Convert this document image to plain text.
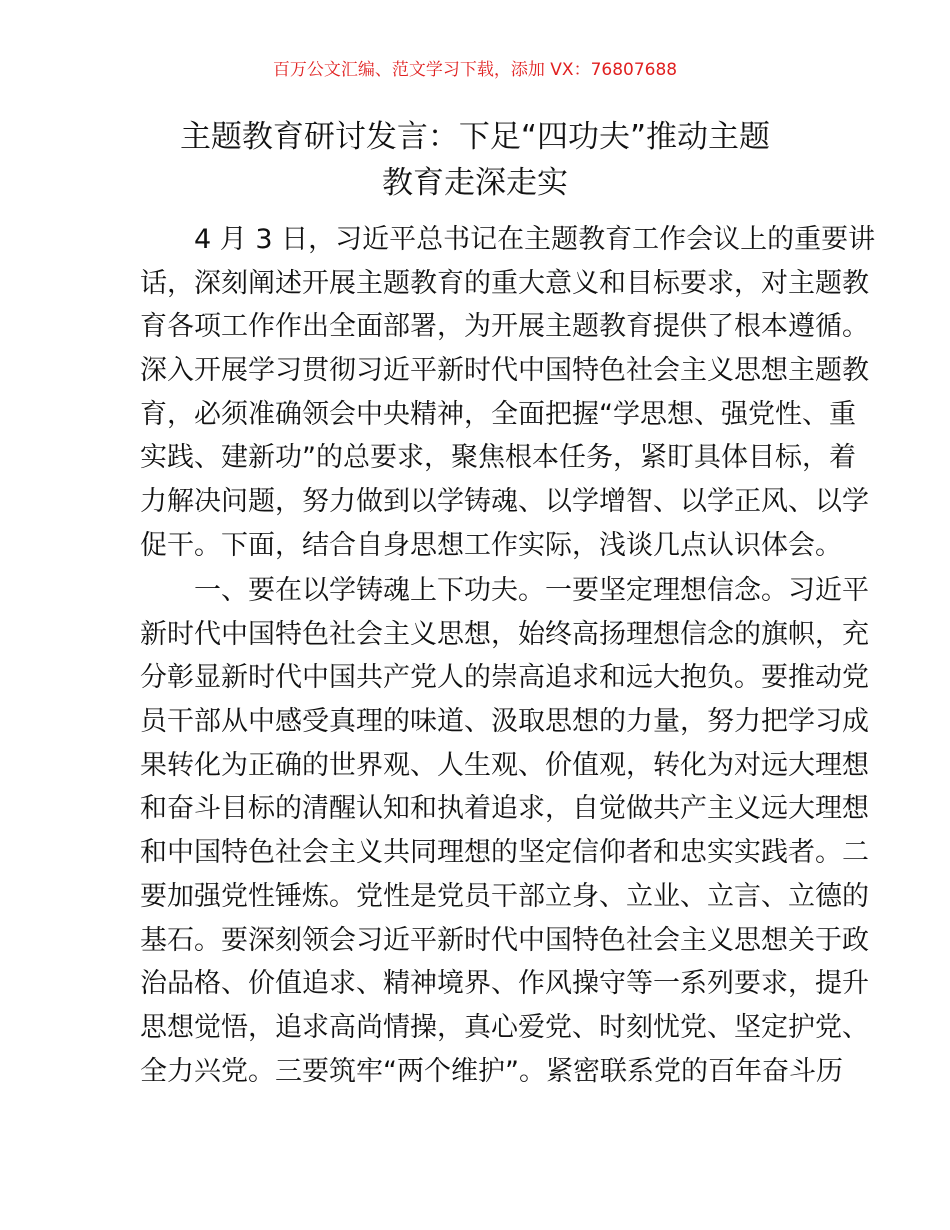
百万公文汇编、范文学习下载，添加 VX：76807688
主题教育研讨发言：下足“四功夫”推动主题
教育走深走实
4 月 3 日，习近平总书记在主题教育工作会议上的重要讲
话，深刻阐述开展主题教育的重大意义和目标要求，对主题教
育各项工作作出全面部署，为开展主题教育提供了根本遵循。
深入开展学习贯彻习近平新时代中国特色社会主义思想主题教
育，必须准确领会中央精神，全面把握“学思想、强党性、重
实践、建新功”的总要求，聚焦根本任务，紧盯具体目标，着
力解决问题，努力做到以学铸魂、以学增智、以学正风、以学
促干。下面，结合自身思想工作实际，浅谈几点认识体会。
一、要在以学铸魂上下功夫。一要坚定理想信念。习近平
新时代中国特色社会主义思想，始终高扬理想信念的旗帜，充
分彰显新时代中国共产党人的崇高追求和远大抱负。要推动党
员干部从中感受真理的味道、汲取思想的力量，努力把学习成
果转化为正确的世界观、人生观、价值观，转化为对远大理想
和奋斗目标的清醒认知和执着追求，自觉做共产主义远大理想
和中国特色社会主义共同理想的坚定信仰者和忠实实践者。二
要加强党性锤炼。党性是党员干部立身、立业、立言、立德的
基石。要深刻领会习近平新时代中国特色社会主义思想关于政
治品格、价值追求、精神境界、作风操守等一系列要求，提升
思想觉悟，追求高尚情操，真心爱党、时刻忧党、坚定护党、
全力兴党。三要筑牢“两个维护”。紧密联系党的百年奋斗历
